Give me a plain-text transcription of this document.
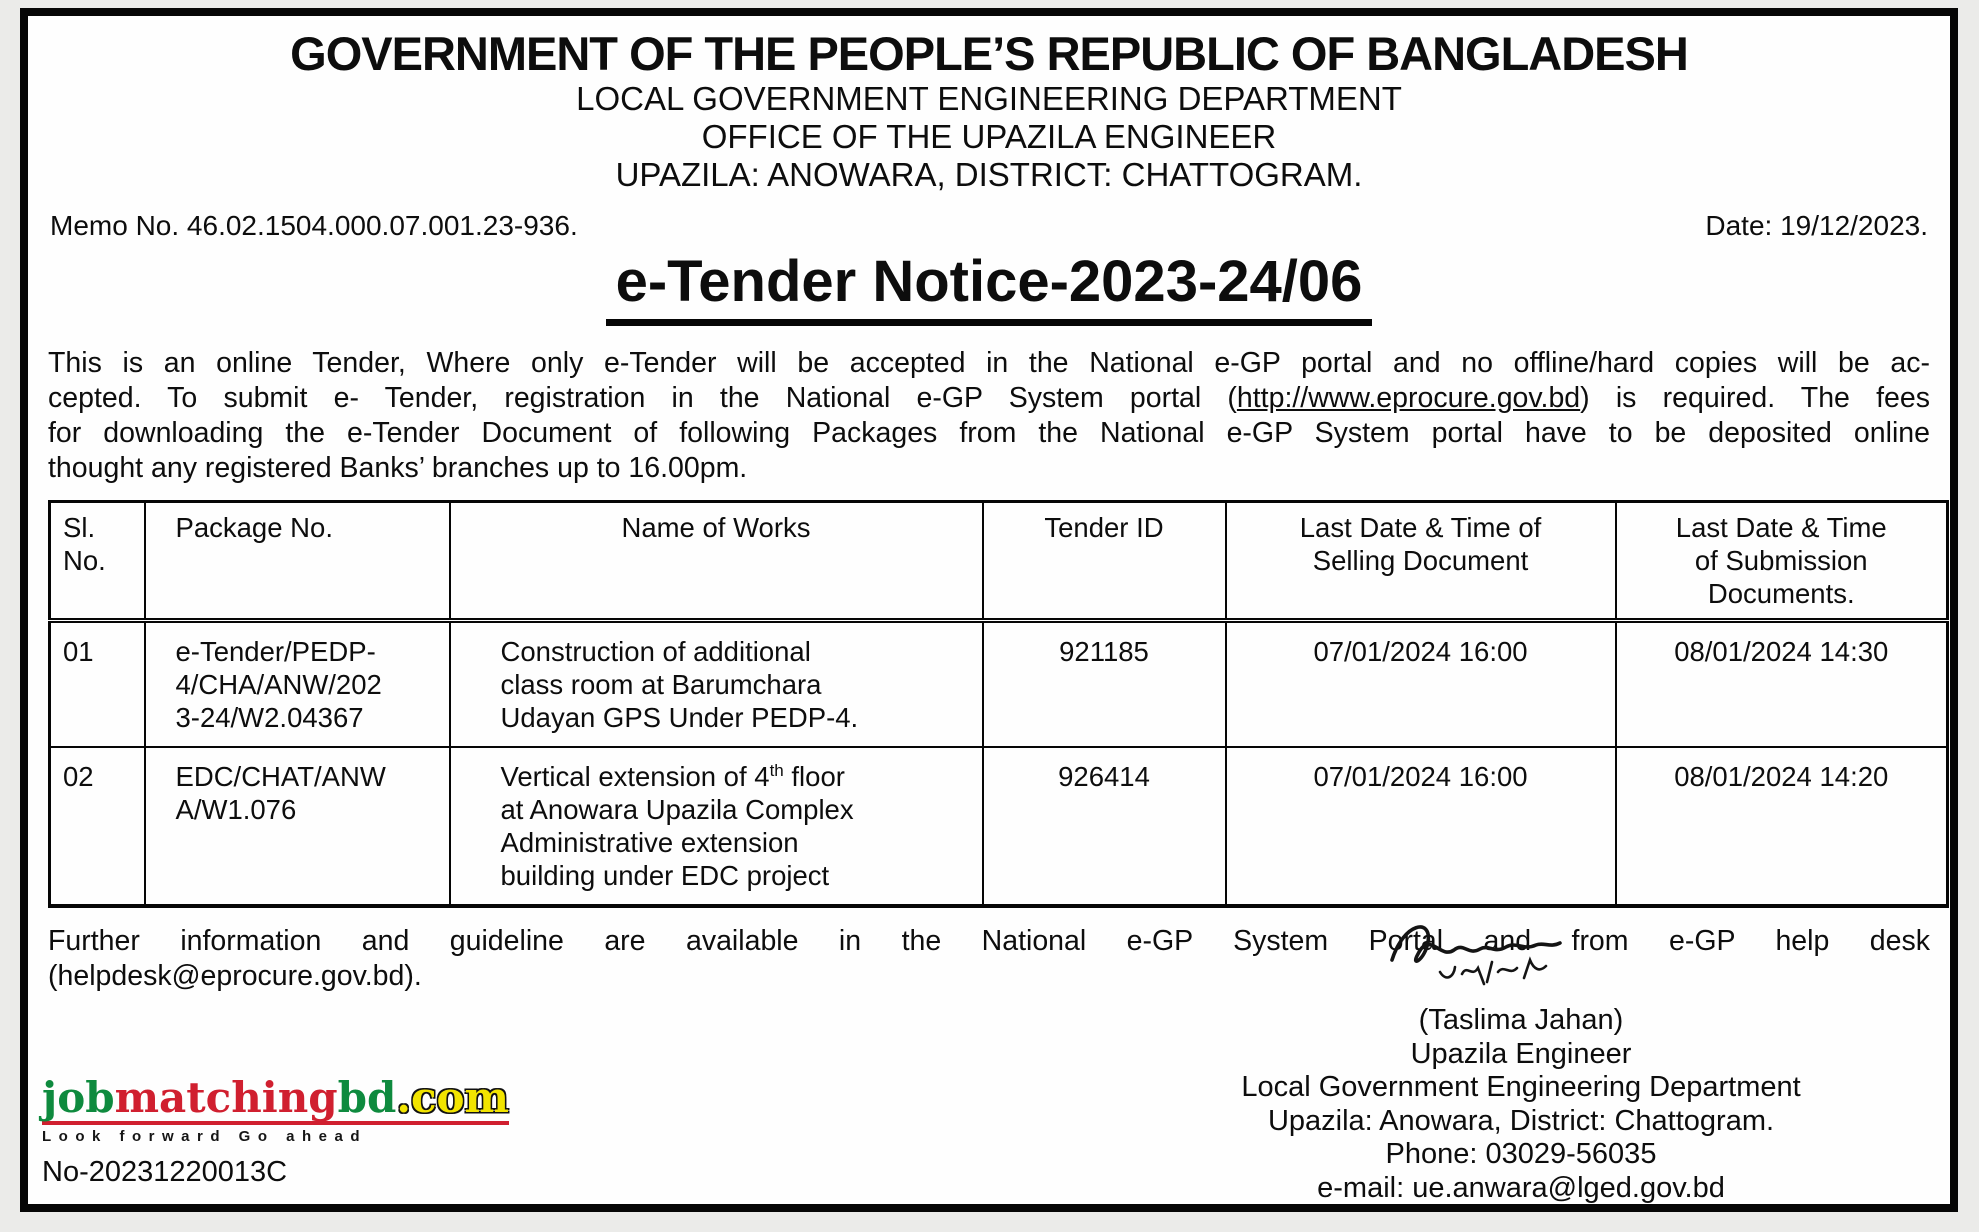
GOVERNMENT OF THE PEOPLE’S REPUBLIC OF BANGLADESH
LOCAL GOVERNMENT ENGINEERING DEPARTMENT
OFFICE OF THE UPAZILA ENGINEER
UPAZILA: ANOWARA, DISTRICT: CHATTOGRAM.
Memo No. 46.02.1504.000.07.001.23-936.	Date: 19/12/2023.
e-Tender Notice-2023-24/06
This is an online Tender, Where only e-Tender will be accepted in the National e-GP portal and no offline/hard copies will be ac-
cepted. To submit e- Tender, registration in the National e-GP System portal (http://www.eprocure.gov.bd) is required. The fees
for downloading the e-Tender Document of following Packages from the National e-GP System portal have to be deposited online
thought any registered Banks’ branches up to 16.00pm.
Sl. No.	Package No.	Name of Works	Tender ID	Last Date & Time of Selling Document	Last Date & Time of Submission Documents.
01	e-Tender/PEDP-4/CHA/ANW/2023-24/W2.04367	Construction of additional class room at Barumchara Udayan GPS Under PEDP-4.	921185	07/01/2024 16:00	08/01/2024 14:30
02	EDC/CHAT/ANWA/W1.076	Vertical extension of 4th floor at Anowara Upazila Complex Administrative extension building under EDC project	926414	07/01/2024 16:00	08/01/2024 14:20
Further information and guideline are available in the National e-GP System Portal and from e-GP help desk
(helpdesk@eprocure.gov.bd).
(Taslima Jahan)
Upazila Engineer
Local Government Engineering Department
Upazila: Anowara, District: Chattogram.
Phone: 03029-56035
e-mail: ue.anwara@lged.gov.bd
jobmatchingbd.com
Look forward Go ahead
No-20231220013C
